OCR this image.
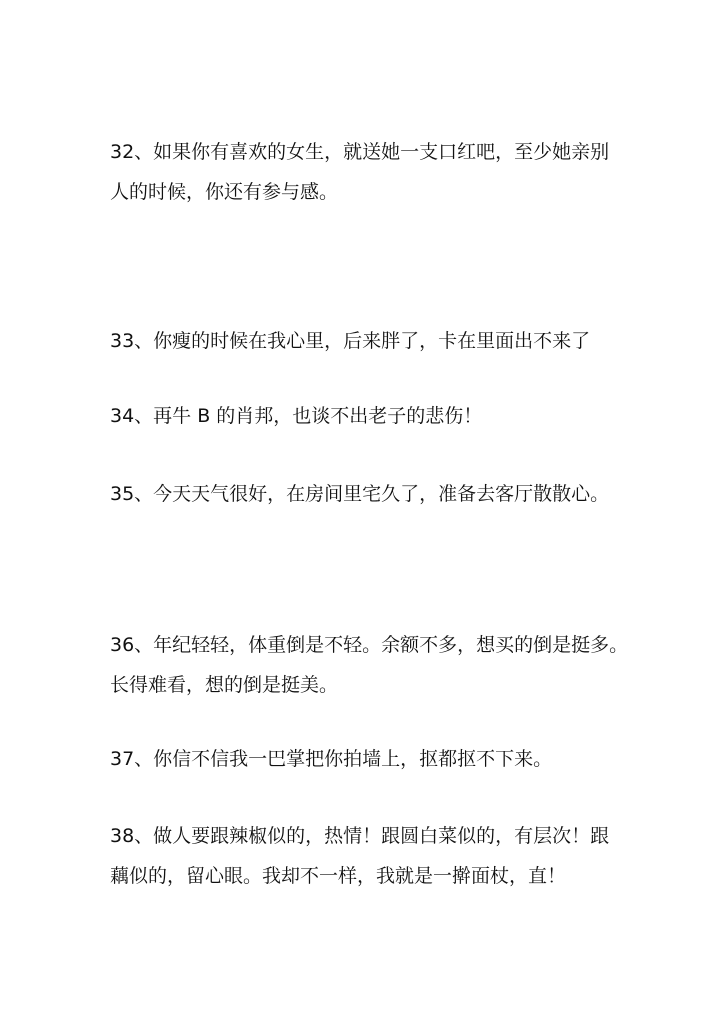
32、如果你有喜欢的女生，就送她一支口红吧，至少她亲别
人的时候，你还有参与感。

33、你瘦的时候在我心里，后来胖了，卡在里面出不来了

34、再牛 B 的肖邦，也谈不出老子的悲伤！

35、今天天气很好，在房间里宅久了，准备去客厅散散心。

36、年纪轻轻，体重倒是不轻。余额不多，想买的倒是挺多。
长得难看，想的倒是挺美。

37、你信不信我一巴掌把你拍墙上，抠都抠不下来。

38、做人要跟辣椒似的，热情！跟圆白菜似的，有层次！跟
藕似的，留心眼。我却不一样，我就是一擀面杖，直！
